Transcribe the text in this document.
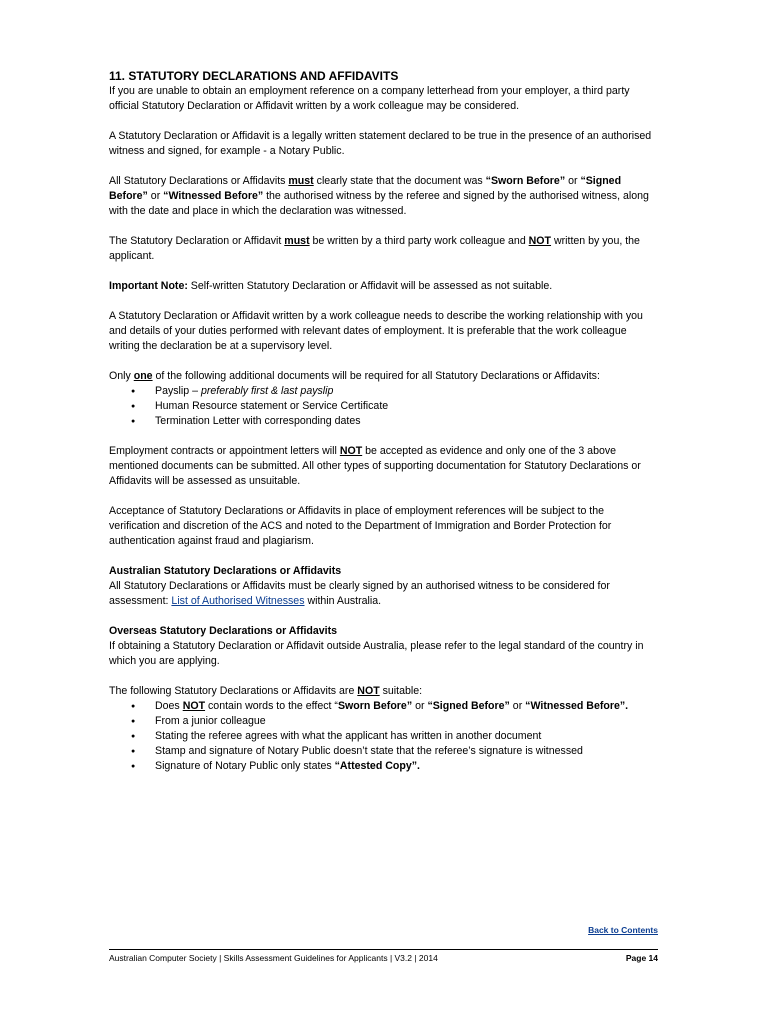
11. STATUTORY DECLARATIONS AND AFFIDAVITS

If you are unable to obtain an employment reference on a company letterhead from your employer, a third party official Statutory Declaration or Affidavit written by a work colleague may be considered.

A Statutory Declaration or Affidavit is a legally written statement declared to be true in the presence of an authorised witness and signed, for example - a Notary Public.

All Statutory Declarations or Affidavits must clearly state that the document was “Sworn Before” or “Signed Before” or “Witnessed Before” the authorised witness by the referee and signed by the authorised witness, along with the date and place in which the declaration was witnessed.

The Statutory Declaration or Affidavit must be written by a third party work colleague and NOT written by you, the applicant.

Important Note: Self-written Statutory Declaration or Affidavit will be assessed as not suitable.

A Statutory Declaration or Affidavit written by a work colleague needs to describe the working relationship with you and details of your duties performed with relevant dates of employment. It is preferable that the work colleague writing the declaration be at a supervisory level.

Only one of the following additional documents will be required for all Statutory Declarations or Affidavits:

● Payslip – preferably first & last payslip
● Human Resource statement or Service Certificate
● Termination Letter with corresponding dates

Employment contracts or appointment letters will NOT be accepted as evidence and only one of the 3 above mentioned documents can be submitted. All other types of supporting documentation for Statutory Declarations or Affidavits will be assessed as unsuitable.

Acceptance of Statutory Declarations or Affidavits in place of employment references will be subject to the verification and discretion of the ACS and noted to the Department of Immigration and Border Protection for authentication against fraud and plagiarism.

Australian Statutory Declarations or Affidavits

All Statutory Declarations or Affidavits must be clearly signed by an authorised witness to be considered for assessment: List of Authorised Witnesses within Australia.

Overseas Statutory Declarations or Affidavits

If obtaining a Statutory Declaration or Affidavit outside Australia, please refer to the legal standard of the country in which you are applying.

The following Statutory Declarations or Affidavits are NOT suitable:

● Does NOT contain words to the effect “Sworn Before” or “Signed Before” or “Witnessed Before”.
● From a junior colleague
● Stating the referee agrees with what the applicant has written in another document
● Stamp and signature of Notary Public doesn’t state that the referee’s signature is witnessed
● Signature of Notary Public only states “Attested Copy”.
Back to Contents
Australian Computer Society | Skills Assessment Guidelines for Applicants | V3.2 | 2014	Page 14
